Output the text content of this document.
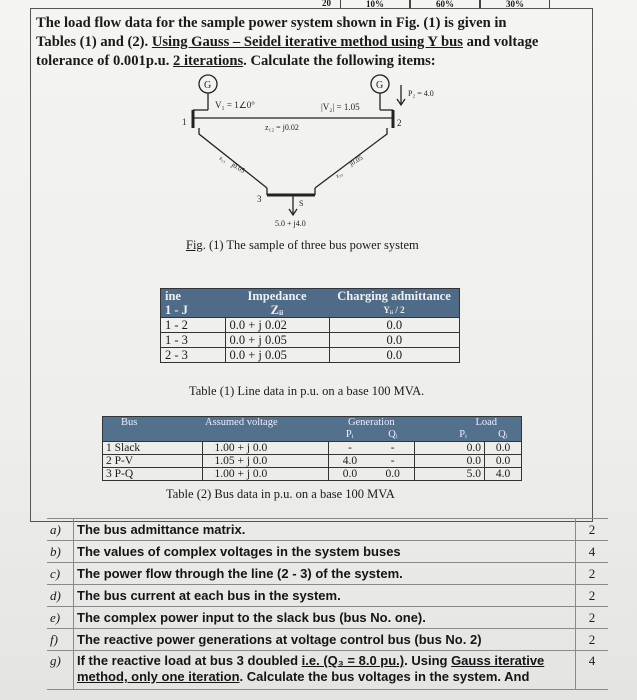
10%	60%	30%
20
The load flow data for the sample power system shown in Fig. (1) is given in
Tables (1) and (2). Using Gauss – Seidel iterative method using Y bus and voltage
tolerance of 0.001p.u. 2 iterations. Calculate the following items:
G	G
V₁ = 1∠0°	|V₂| = 1.05
P₂ = 4.0
z₁₂ = j0.02
1	2
z₁₃
j0.05
z₂₃
j0.05
3	S
5.0 + j4.0
Fig. (1) The sample of three bus power system
ine	Impedance	Charging admittance
1 - J	Zᵢᵢ	Yᵢᵢ / 2
1 - 2	0.0 + j 0.02	0.0
1 - 3	0.0 + j 0.05	0.0
2 - 3	0.0 + j 0.05	0.0
Table (1) Line data in p.u. on a base 100 MVA.
Bus	Assumed voltage	Generation		Load	
		Pᵢ	Qᵢ	Pᵢ	Qᵢ
1 Slack	1.00 + j 0.0	-	-	0.0	0.0
2 P-V	1.05 + j 0.0	4.0	-	0.0	0.0
3 P-Q	1.00 + j 0.0	0.0	0.0	5.0	4.0
Table (2) Bus data in p.u. on a base 100 MVA
a)	The bus admittance matrix.	2
b)	The values of complex voltages in the system buses	4
c)	The power flow through the line (2 - 3) of the system.	2
d)	The bus current at each bus in the system.	2
e)	The complex power input to the slack bus (bus No. one).	2
f)	The reactive power generations at voltage control bus (bus No. 2)	2
g)	If the reactive load at bus 3 doubled i.e. (Q₃ = 8.0 pu.). Using Gauss iterative method, only one iteration. Calculate the bus voltages in the system. And	4
